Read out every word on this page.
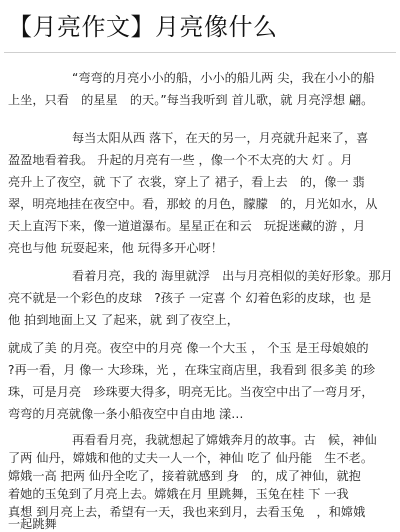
【月亮作文】月亮像什么
“弯弯的月亮小小的船，小小的船儿两 尖，我在小小的船
上坐，只看　的星星　的天。”每当我听到 首儿歌，就 月亮浮想 翩。
每当太阳从西 落下，在天的另一，月亮就升起来了，喜
盈盈地看着我。 升起的月亮有一些 ，像一个不太亮的大 灯 。月
亮升上了夜空，就 下了 衣裳，穿上了 裙子，看上去　的，像一 翡
翠，明亮地挂在夜空中。看，那蛟 的月色，朦朦　的，月光如水，从
天上直泻下来，像一道道瀑布。星星正在和云　玩捉迷藏的游 ，月
亮也与他 玩耍起来，他 玩得多开心呀！
看着月亮，我的 海里就浮　出与月亮相似的美好形象。那月
亮不就是一个彩色的皮球　?孩子 一定喜 个 幻着色彩的皮球，也 是
他 拍到地面上又 了起来，就 到了夜空上，
就成了美 的月亮。夜空中的月亮 像一个大玉 ， 个玉 是王母娘娘的
?再一看，月 像一 大珍珠，光 ，在珠宝商店里，我看到 很多美 的珍
珠，可是月亮　珍珠要大得多，明亮无比。当夜空中出了一弯月牙，
弯弯的月亮就像一条小船夜空中自由地 漾…
再看看月亮，我就想起了嫦娥奔月的故事。古　候，神仙
了两 仙丹，嫦娥和他的丈夫一人一个，神仙 吃了 仙丹能　生不老。
嫦娥一高 把两 仙丹全吃了，接着就感到 身　的，成了神仙，就抱
着她的玉兔到了月亮上去。嫦娥在月 里跳舞，玉兔在桂 下 一我
真想 到月亮上去，希望有一天，我也来到月，去看玉兔　，和嫦娥
一起跳舞
